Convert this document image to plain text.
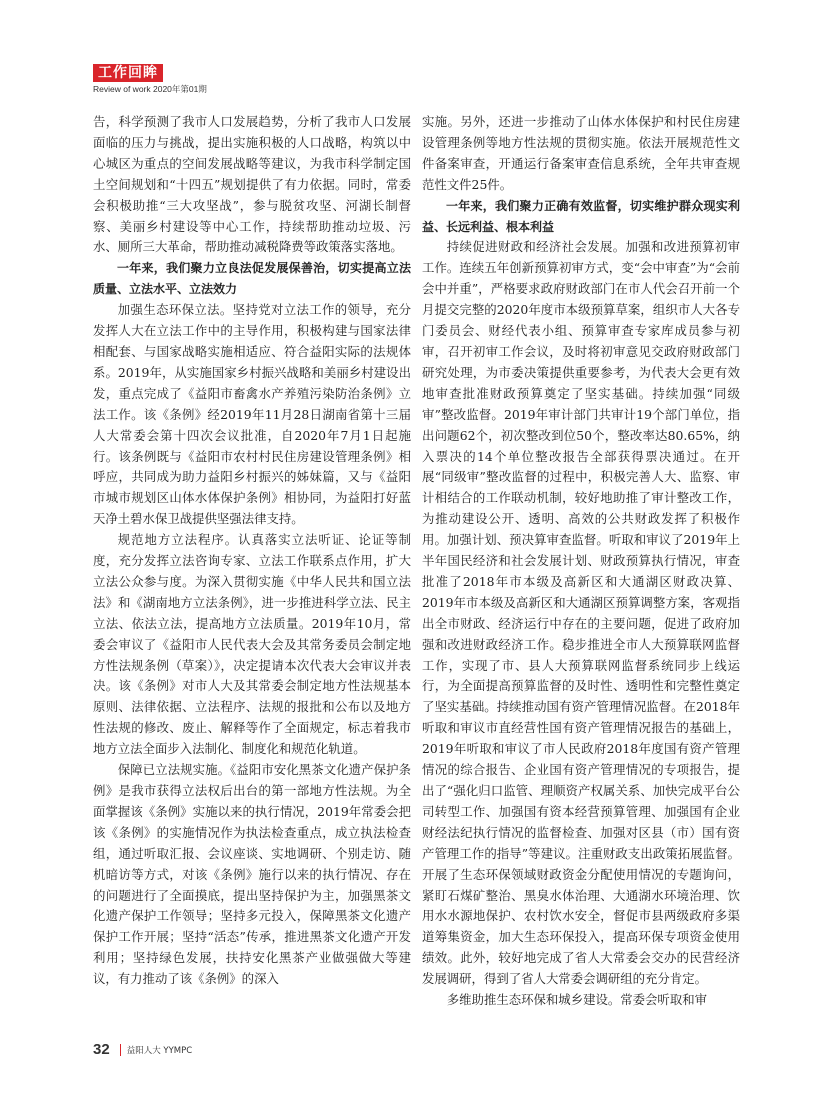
工作回眸
Review of work 2020年第01期

告，科学预测了我市人口发展趋势，分析了我市人口发展面临的压力与挑战，提出实施积极的人口战略，构筑以中心城区为重点的空间发展战略等建议，为我市科学制定国土空间规划和“十四五”规划提供了有力依据。同时，常委会积极助推“三大攻坚战”，参与脱贫攻坚、河湖长制督察、美丽乡村建设等中心工作，持续帮助推动垃圾、污水、厕所三大革命，帮助推动减税降费等政策落实落地。

一年来，我们聚力立良法促发展保善治，切实提高立法质量、立法水平、立法效力

加强生态环保立法。坚持党对立法工作的领导，充分发挥人大在立法工作中的主导作用，积极构建与国家法律相配套、与国家战略实施相适应、符合益阳实际的法规体系。2019年，从实施国家乡村振兴战略和美丽乡村建设出发，重点完成了《益阳市畜禽水产养殖污染防治条例》立法工作。该《条例》经2019年11月28日湖南省第十三届人大常委会第十四次会议批准，自2020年7月1日起施行。该条例既与《益阳市农村村民住房建设管理条例》相呼应，共同成为助力益阳乡村振兴的姊妹篇，又与《益阳市城市规划区山体水体保护条例》相协同，为益阳打好蓝天净土碧水保卫战提供坚强法律支持。

规范地方立法程序。认真落实立法听证、论证等制度，充分发挥立法咨询专家、立法工作联系点作用，扩大立法公众参与度。为深入贯彻实施《中华人民共和国立法法》和《湖南地方立法条例》，进一步推进科学立法、民主立法、依法立法，提高地方立法质量。2019年10月，常委会审议了《益阳市人民代表大会及其常务委员会制定地方性法规条例（草案）》，决定提请本次代表大会审议并表决。该《条例》对市人大及其常委会制定地方性法规基本原则、法律依据、立法程序、法规的报批和公布以及地方性法规的修改、废止、解释等作了全面规定，标志着我市地方立法全面步入法制化、制度化和规范化轨道。

保障已立法规实施。《益阳市安化黑茶文化遗产保护条例》是我市获得立法权后出台的第一部地方性法规。为全面掌握该《条例》实施以来的执行情况，2019年常委会把该《条例》的实施情况作为执法检查重点，成立执法检查组，通过听取汇报、会议座谈、实地调研、个别走访、随机暗访等方式，对该《条例》施行以来的执行情况、存在的问题进行了全面摸底，提出坚持保护为主，加强黑茶文化遗产保护工作领导；坚持多元投入，保障黑茶文化遗产保护工作开展；坚持“活态”传承，推进黑茶文化遗产开发利用；坚持绿色发展，扶持安化黑茶产业做强做大等建议，有力推动了该《条例》的深入

实施。另外，还进一步推动了山体水体保护和村民住房建设管理条例等地方性法规的贯彻实施。依法开展规范性文件备案审查，开通运行备案审查信息系统，全年共审查规范性文件25件。

一年来，我们聚力正确有效监督，切实维护群众现实利益、长远利益、根本利益

持续促进财政和经济社会发展。加强和改进预算初审工作。连续五年创新预算初审方式，变“会中审查”为“会前会中并重”，严格要求政府财政部门在市人代会召开前一个月提交完整的2020年度市本级预算草案，组织市人大各专门委员会、财经代表小组、预算审查专家库成员参与初审，召开初审工作会议，及时将初审意见交政府财政部门研究处理，为市委决策提供重要参考，为代表大会更有效地审查批准财政预算奠定了坚实基础。持续加强“同级审”整改监督。2019年审计部门共审计19个部门单位，指出问题62个，初次整改到位50个，整改率达80.65%，纳入票决的14个单位整改报告全部获得票决通过。在开展“同级审”整改监督的过程中，积极完善人大、监察、审计相结合的工作联动机制，较好地助推了审计整改工作，为推动建设公开、透明、高效的公共财政发挥了积极作用。加强计划、预决算审查监督。听取和审议了2019年上半年国民经济和社会发展计划、财政预算执行情况，审查批准了2018年市本级及高新区和大通湖区财政决算、2019年市本级及高新区和大通湖区预算调整方案，客观指出全市财政、经济运行中存在的主要问题，促进了政府加强和改进财政经济工作。稳步推进全市人大预算联网监督工作，实现了市、县人大预算联网监督系统同步上线运行，为全面提高预算监督的及时性、透明性和完整性奠定了坚实基础。持续推动国有资产管理情况监督。在2018年听取和审议市直经营性国有资产管理情况报告的基础上，2019年听取和审议了市人民政府2018年度国有资产管理情况的综合报告、企业国有资产管理情况的专项报告，提出了“强化归口监管、理顺资产权属关系、加快完成平台公司转型工作、加强国有资本经营预算管理、加强国有企业财经法纪执行情况的监督检查、加强对区县（市）国有资产管理工作的指导”等建议。注重财政支出政策拓展监督。开展了生态环保领域财政资金分配使用情况的专题询问，紧盯石煤矿整治、黑臭水体治理、大通湖水环境治理、饮用水水源地保护、农村饮水安全，督促市县两级政府多渠道筹集资金，加大生态环保投入，提高环保专项资金使用绩效。此外，较好地完成了省人大常委会交办的民营经济发展调研，得到了省人大常委会调研组的充分肯定。

多维助推生态环保和城乡建设。常委会听取和审

32 益阳人大 YYMPC
